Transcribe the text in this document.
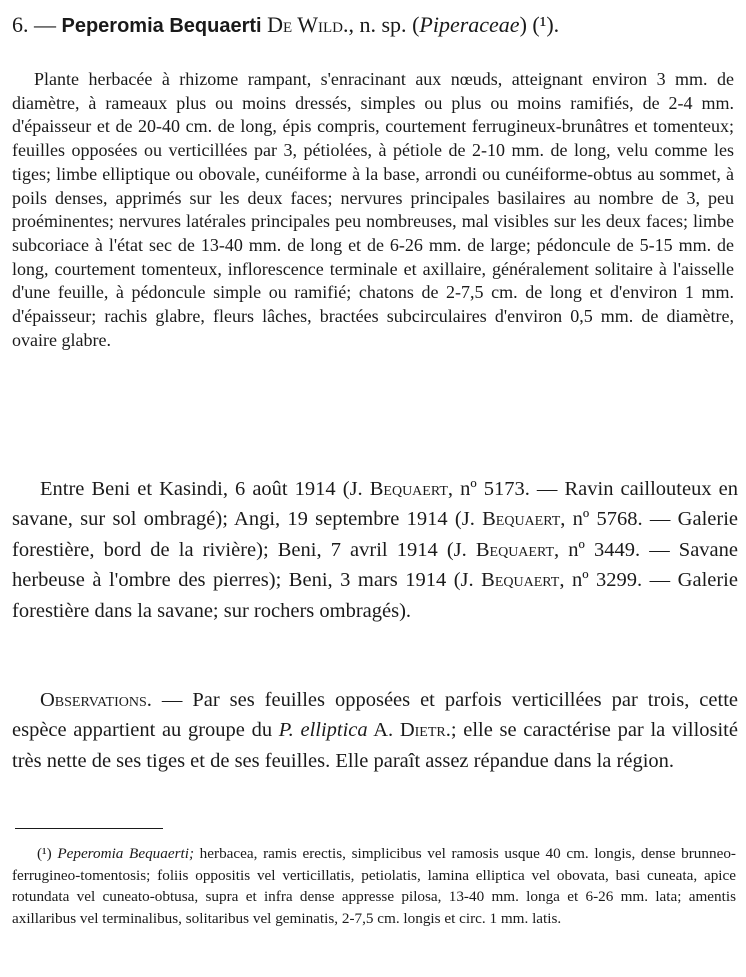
6. — Peperomia Bequaerti De Wild., n. sp. (Piperaceae) (¹).

Plante herbacée à rhizome rampant, s'enracinant aux nœuds, atteignant environ 3 mm. de diamètre, à rameaux plus ou moins dressés, simples ou plus ou moins ramifiés, de 2-4 mm. d'épaisseur et de 20-40 cm. de long, épis compris, courtement ferrugineux-brunâtres et tomenteux; feuilles opposées ou verticillées par 3, pétiolées, à pétiole de 2-10 mm. de long, velu comme les tiges; limbe elliptique ou obovale, cunéiforme à la base, arrondi ou cunéiforme-obtus au sommet, à poils denses, apprimés sur les deux faces; nervures principales basilaires au nombre de 3, peu proéminentes; nervures latérales principales peu nombreuses, mal visibles sur les deux faces; limbe subcoriace à l'état sec de 13-40 mm. de long et de 6-26 mm. de large; pédoncule de 5-15 mm. de long, courtement tomenteux, inflorescence terminale et axillaire, généralement solitaire à l'aisselle d'une feuille, à pédoncule simple ou ramifié; chatons de 2-7,5 cm. de long et d'environ 1 mm. d'épaisseur; rachis glabre, fleurs lâches, bractées subcirculaires d'environ 0,5 mm. de diamètre, ovaire glabre.

Entre Beni et Kasindi, 6 août 1914 (J. Bequaert, nº 5173. — Ravin caillouteux en savane, sur sol ombragé); Angi, 19 septembre 1914 (J. Bequaert, nº 5768. — Galerie forestière, bord de la rivière); Beni, 7 avril 1914 (J. Bequaert, nº 3449. — Savane herbeuse à l'ombre des pierres); Beni, 3 mars 1914 (J. Bequaert, nº 3299. — Galerie forestière dans la savane; sur rochers ombragés).

Observations. — Par ses feuilles opposées et parfois verticillées par trois, cette espèce appartient au groupe du P. elliptica A. Dietr.; elle se caractérise par la villosité très nette de ses tiges et de ses feuilles. Elle paraît assez répandue dans la région.

(¹) Peperomia Bequaerti; herbacea, ramis erectis, simplicibus vel ramosis usque 40 cm. longis, dense brunneo-ferrugineo-tomentosis; foliis oppositis vel verticillatis, petiolatis, lamina elliptica vel obovata, basi cuneata, apice rotundata vel cuneato-obtusa, supra et infra dense appresse pilosa, 13-40 mm. longa et 6-26 mm. lata; amentis axillaribus vel terminalibus, solitaribus vel geminatis, 2-7,5 cm. longis et circ. 1 mm. latis.
